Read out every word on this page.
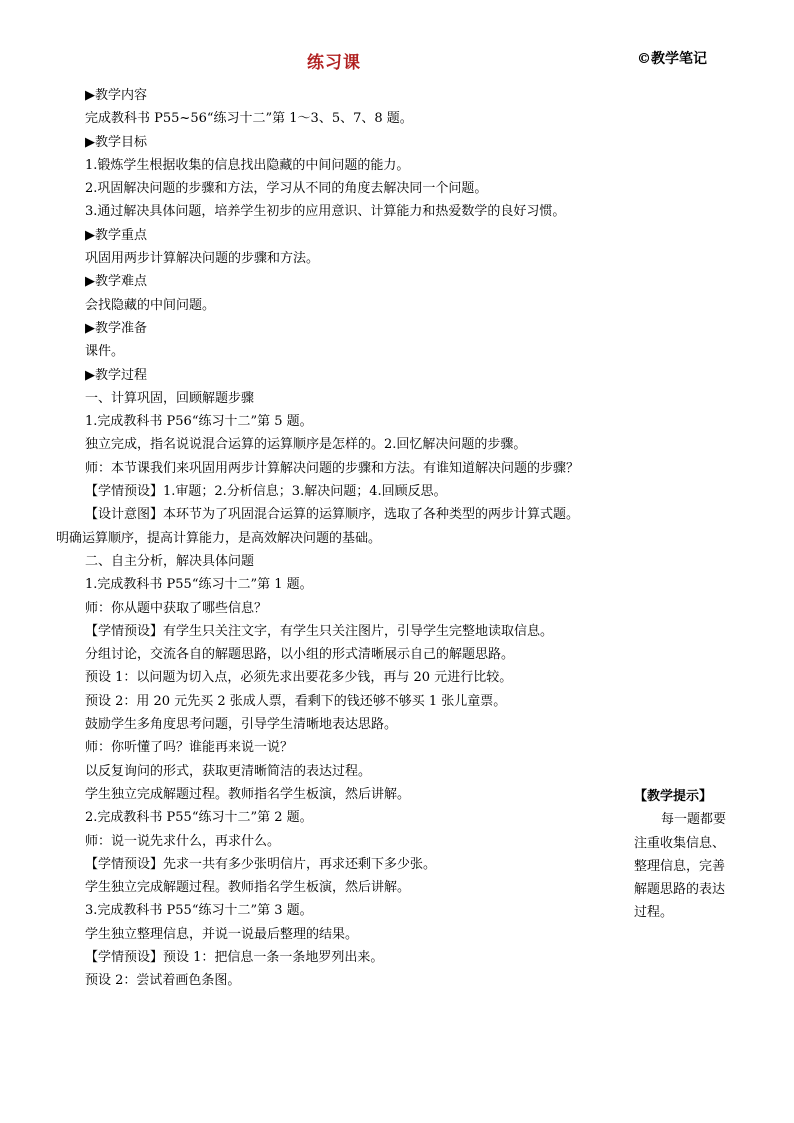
练习课	©教学笔记
▶教学内容
完成教科书 P55~56“练习十二”第 1～3、5、7、8 题。
▶教学目标
1.锻炼学生根据收集的信息找出隐藏的中间问题的能力。
2.巩固解决问题的步骤和方法，学习从不同的角度去解决同一个问题。
3.通过解决具体问题，培养学生初步的应用意识、计算能力和热爱数学的良好习惯。
▶教学重点
巩固用两步计算解决问题的步骤和方法。
▶教学难点
会找隐藏的中间问题。
▶教学准备
课件。
▶教学过程
一、计算巩固，回顾解题步骤
1.完成教科书 P56“练习十二”第 5 题。
独立完成，指名说说混合运算的运算顺序是怎样的。2.回忆解决问题的步骤。
师：本节课我们来巩固用两步计算解决问题的步骤和方法。有谁知道解决问题的步骤？
【学情预设】1.审题；2.分析信息；3.解决问题；4.回顾反思。
【设计意图】本环节为了巩固混合运算的运算顺序，选取了各种类型的两步计算式题。
明确运算顺序，提高计算能力，是高效解决问题的基础。
二、自主分析，解决具体问题
1.完成教科书 P55“练习十二”第 1 题。
师：你从题中获取了哪些信息？
【学情预设】有学生只关注文字，有学生只关注图片，引导学生完整地读取信息。
分组讨论，交流各自的解题思路，以小组的形式清晰展示自己的解题思路。
预设 1：以问题为切入点，必须先求出要花多少钱，再与 20 元进行比较。
预设 2：用 20 元先买 2 张成人票，看剩下的钱还够不够买 1 张儿童票。
鼓励学生多角度思考问题，引导学生清晰地表达思路。
师：你听懂了吗？谁能再来说一说？
以反复询问的形式，获取更清晰简洁的表达过程。
学生独立完成解题过程。教师指名学生板演，然后讲解。
2.完成教科书 P55“练习十二”第 2 题。
师：说一说先求什么，再求什么。
【学情预设】先求一共有多少张明信片，再求还剩下多少张。
学生独立完成解题过程。教师指名学生板演，然后讲解。
3.完成教科书 P55“练习十二”第 3 题。
学生独立整理信息，并说一说最后整理的结果。
【学情预设】预设 1：把信息一条一条地罗列出来。
预设 2：尝试着画色条图。
【教学提示】
每一题都要
注重收集信息、
整理信息，完善
解题思路的表达
过程。
